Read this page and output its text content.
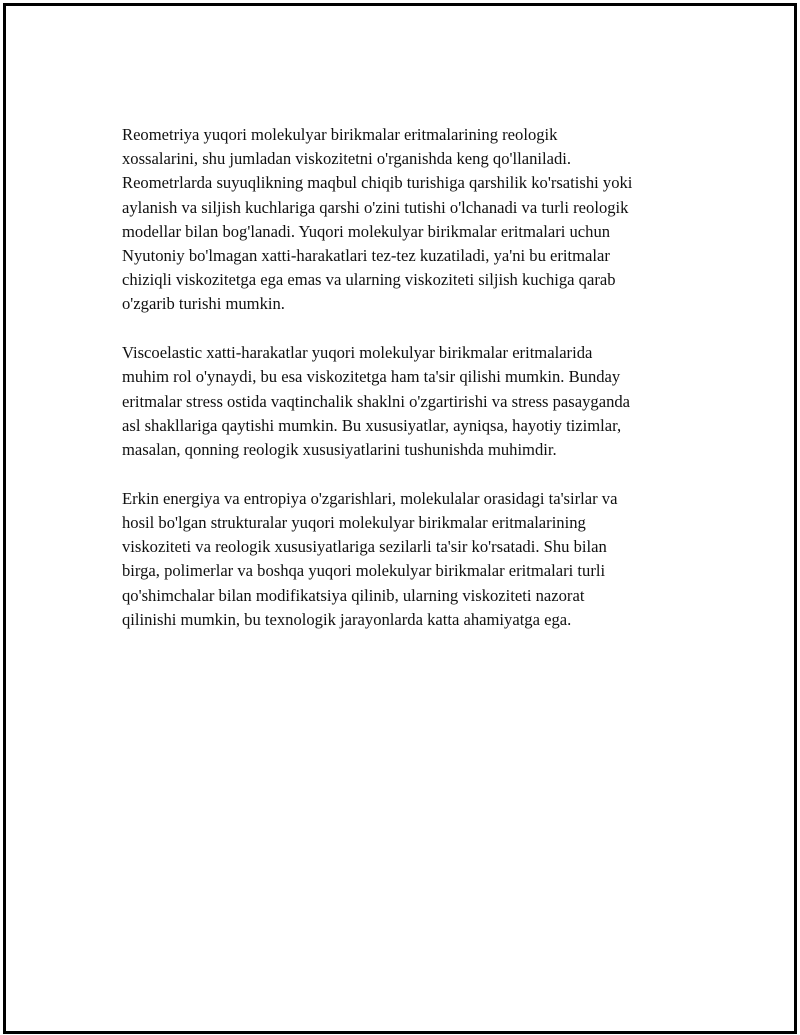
Reometriya yuqori molekulyar birikmalar eritmalarining reologik
xossalarini, shu jumladan viskozitetni o'rganishda keng qo'llaniladi.
Reometrlarda suyuqlikning maqbul chiqib turishiga qarshilik ko'rsatishi yoki
aylanish va siljish kuchlariga qarshi o'zini tutishi o'lchanadi va turli reologik
modellar bilan bog'lanadi. Yuqori molekulyar birikmalar eritmalari uchun
Nyutoniy bo'lmagan xatti-harakatlari tez-tez kuzatiladi, ya'ni bu eritmalar
chiziqli viskozitetga ega emas va ularning viskoziteti siljish kuchiga qarab
o'zgarib turishi mumkin.

Viscoelastic xatti-harakatlar yuqori molekulyar birikmalar eritmalarida
muhim rol o'ynaydi, bu esa viskozitetga ham ta'sir qilishi mumkin. Bunday
eritmalar stress ostida vaqtinchalik shaklni o'zgartirishi va stress pasayganda
asl shakllariga qaytishi mumkin. Bu xususiyatlar, ayniqsa, hayotiy tizimlar,
masalan, qonning reologik xususiyatlarini tushunishda muhimdir.

Erkin energiya va entropiya o'zgarishlari, molekulalar orasidagi ta'sirlar va
hosil bo'lgan strukturalar yuqori molekulyar birikmalar eritmalarining
viskoziteti va reologik xususiyatlariga sezilarli ta'sir ko'rsatadi. Shu bilan
birga, polimerlar va boshqa yuqori molekulyar birikmalar eritmalari turli
qo'shimchalar bilan modifikatsiya qilinib, ularning viskoziteti nazorat
qilinishi mumkin, bu texnologik jarayonlarda katta ahamiyatga ega.
